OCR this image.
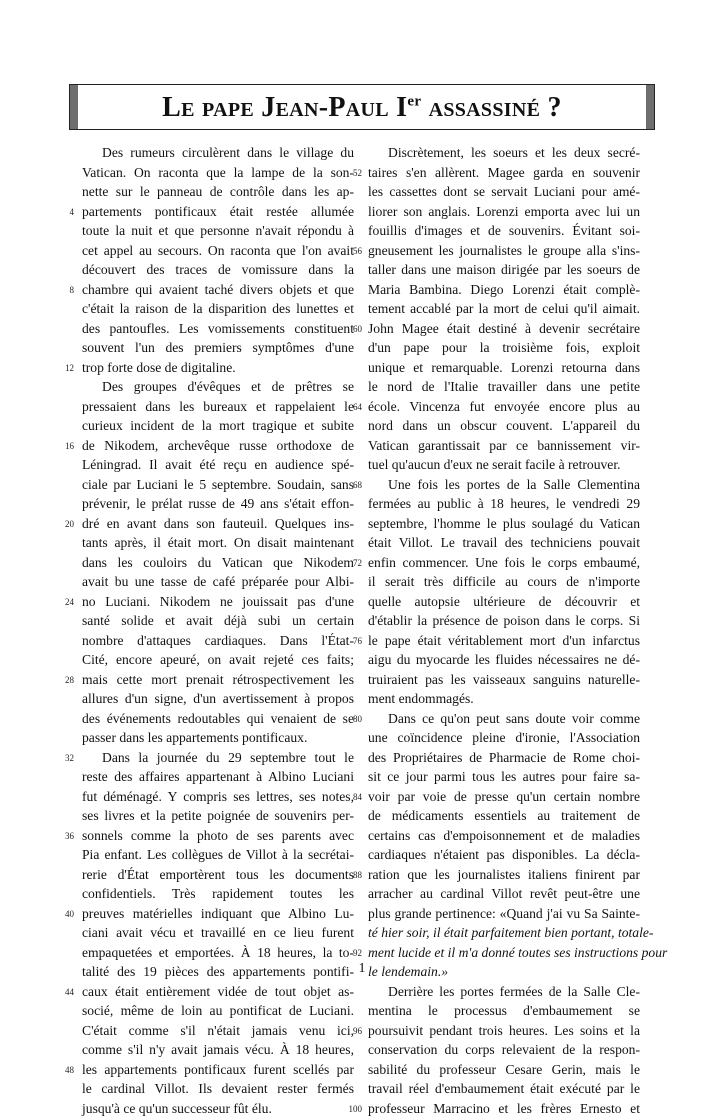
Le pape Jean-Paul Ier assassiné ?
Des rumeurs circulèrent dans le village du
Vatican. On raconta que la lampe de la son-
nette sur le panneau de contrôle dans les ap-
partements pontificaux était restée allumée
toute la nuit et que personne n'avait répondu à
cet appel au secours. On raconta que l'on avait
découvert des traces de vomissure dans la
chambre qui avaient taché divers objets et que
c'était la raison de la disparition des lunettes et
des pantoufles. Les vomissements constituent
souvent l'un des premiers symptômes d'une
trop forte dose de digitaline.
Des groupes d'évêques et de prêtres se
pressaient dans les bureaux et rappelaient le
curieux incident de la mort tragique et subite
de Nikodem, archevêque russe orthodoxe de
Léningrad. Il avait été reçu en audience spé-
ciale par Luciani le 5 septembre. Soudain, sans
prévenir, le prélat russe de 49 ans s'était effon-
dré en avant dans son fauteuil. Quelques ins-
tants après, il était mort. On disait maintenant
dans les couloirs du Vatican que Nikodem
avait bu une tasse de café préparée pour Albi-
no Luciani. Nikodem ne jouissait pas d'une
santé solide et avait déjà subi un certain
nombre d'attaques cardiaques. Dans l'État-
Cité, encore apeuré, on avait rejeté ces faits;
mais cette mort prenait rétrospectivement les
allures d'un signe, d'un avertissement à propos
des événements redoutables qui venaient de se
passer dans les appartements pontificaux.
Dans la journée du 29 septembre tout le
reste des affaires appartenant à Albino Luciani
fut déménagé. Y compris ses lettres, ses notes,
ses livres et la petite poignée de souvenirs per-
sonnels comme la photo de ses parents avec
Pia enfant. Les collègues de Villot à la secrétai-
rerie d'État emportèrent tous les documents
confidentiels. Très rapidement toutes les
preuves matérielles indiquant que Albino Lu-
ciani avait vécu et travaillé en ce lieu furent
empaquetées et emportées. À 18 heures, la to-
talité des 19 pièces des appartements pontifi-
caux était entièrement vidée de tout objet as-
socié, même de loin au pontificat de Luciani.
C'était comme s'il n'était jamais venu ici,
comme s'il n'y avait jamais vécu. À 18 heures,
les appartements pontificaux furent scellés par
le cardinal Villot. Ils devaient rester fermés
jusqu'à ce qu'un successeur fût élu.
Discrètement, les soeurs et les deux secré-
taires s'en allèrent. Magee garda en souvenir
les cassettes dont se servait Luciani pour amé-
liorer son anglais. Lorenzi emporta avec lui un
fouillis d'images et de souvenirs. Évitant soi-
gneusement les journalistes le groupe alla s'ins-
taller dans une maison dirigée par les soeurs de
Maria Bambina. Diego Lorenzi était complè-
tement accablé par la mort de celui qu'il aimait.
John Magee était destiné à devenir secrétaire
d'un pape pour la troisième fois, exploit
unique et remarquable. Lorenzi retourna dans
le nord de l'Italie travailler dans une petite
école. Vincenza fut envoyée encore plus au
nord dans un obscur couvent. L'appareil du
Vatican garantissait par ce bannissement vir-
tuel qu'aucun d'eux ne serait facile à retrouver.
Une fois les portes de la Salle Clementina
fermées au public à 18 heures, le vendredi 29
septembre, l'homme le plus soulagé du Vatican
était Villot. Le travail des techniciens pouvait
enfin commencer. Une fois le corps embaumé,
il serait très difficile au cours de n'importe
quelle autopsie ultérieure de découvrir et
d'établir la présence de poison dans le corps. Si
le pape était véritablement mort d'un infarctus
aigu du myocarde les fluides nécessaires ne dé-
truiraient pas les vaisseaux sanguins naturelle-
ment endommagés.
Dans ce qu'on peut sans doute voir comme
une coïncidence pleine d'ironie, l'Association
des Propriétaires de Pharmacie de Rome choi-
sit ce jour parmi tous les autres pour faire sa-
voir par voie de presse qu'un certain nombre
de médicaments essentiels au traitement de
certains cas d'empoisonnement et de maladies
cardiaques n'étaient pas disponibles. La décla-
ration que les journalistes italiens finirent par
arracher au cardinal Villot revêt peut-être une
plus grande pertinence: «Quand j'ai vu Sa Sainte-
té hier soir, il était parfaitement bien portant, totale-
ment lucide et il m'a donné toutes ses instructions pour
le lendemain.»
Derrière les portes fermées de la Salle Cle-
mentina le processus d'embaumement se
poursuivit pendant trois heures. Les soins et la
conservation du corps relevaient de la respon-
sabilité du professeur Cesare Gerin, mais le
travail réel d'embaumement était exécuté par le
professeur Marracino et les frères Ernesto et
4
8
12
16
20
24
28
32
36
40
44
48
52
56
60
64
68
72
76
80
84
88
92
96
100
1
